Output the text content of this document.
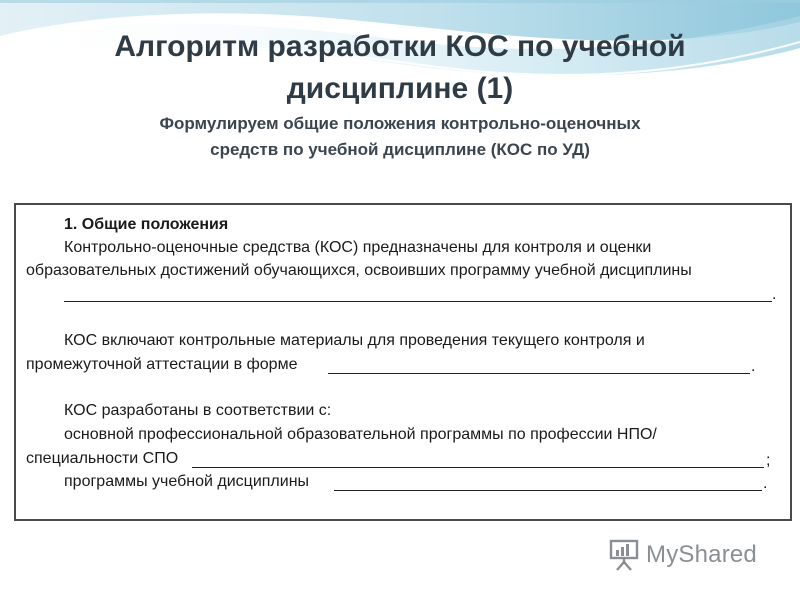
Алгоритм разработки КОС по учебной
дисциплине (1)
Формулируем общие положения контрольно-оценочных
средств по учебной дисциплине (КОС по УД)
1. Общие положения
Контрольно-оценочные средства (КОС) предназначены для контроля и оценки
образовательных достижений обучающихся, освоивших программу учебной дисциплины
.
КОС включают контрольные материалы для проведения текущего контроля и
промежуточной аттестации в форме	.
КОС разработаны в соответствии с:
основной профессиональной образовательной программы по профессии НПО/
специальности СПО	;
программы учебной дисциплины	.
MyShared
